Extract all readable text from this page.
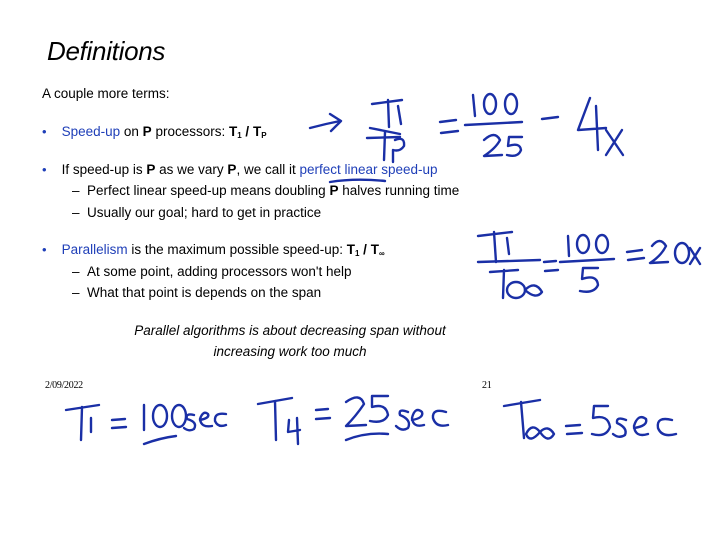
Definitions
A couple more terms:
• Speed-up on P processors: $T_1 / T_P$
• If speed-up is P as we vary P, we call it perfect linear speed-up
– Perfect linear speed-up means doubling P halves running time
– Usually our goal; hard to get in practice
• Parallelism is the maximum possible speed-up: $T_1 / T_\infty$
– At some point, adding processors won't help
– What that point is depends on the span
Parallel algorithms is about decreasing span without
increasing work too much
2/09/2022	21
